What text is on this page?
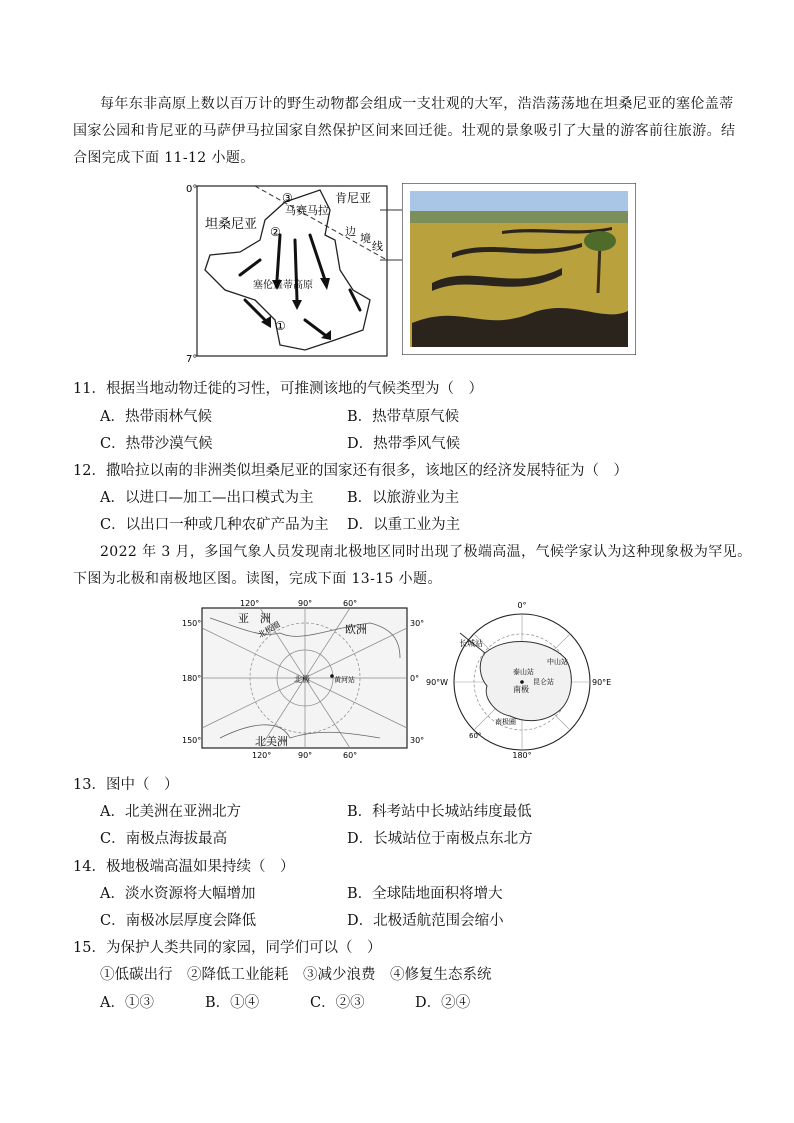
每年东非高原上数以百万计的野生动物都会组成一支壮观的大军，浩浩荡荡地在坦桑尼亚的塞伦盖蒂
国家公园和肯尼亚的马萨伊马拉国家自然保护区间来回迁徙。壮观的景象吸引了大量的游客前往旅游。结
合图完成下面 11-12 小题。
0°
7°
肯尼亚
坦桑尼亚
马赛马拉
塞伦盖蒂高原
边
境
线
③
②
①
11．根据当地动物迁徙的习性，可推测该地的气候类型为（　）
A．热带雨林气候	B．热带草原气候
C．热带沙漠气候	D．热带季风气候
12．撒哈拉以南的非洲类似坦桑尼亚的国家还有很多，该地区的经济发展特征为（　）
A．以进口—加工—出口模式为主 B．以旅游业为主
C．以出口一种或几种农矿产品为主 D．以重工业为主
2022 年 3 月，多国气象人员发现南北极地区同时出现了极端高温，气候学家认为这种现象极为罕见。
下图为北极和南极地区图。读图，完成下面 13-15 小题。
120°	90°	60°
150°
180°
150°
30°
0°
30°
120°	90°	60°
亚　洲
欧洲
北美洲
北极圈
北极	黄河站
0°
90°W	90°E
180°
60°
长城站
中山站
泰山站
昆仑站
南极
南极圈
13．图中（　）
A．北美洲在亚洲北方	B．科考站中长城站纬度最低
C．南极点海拔最高	D．长城站位于南极点东北方
14．极地极端高温如果持续（　）
A．淡水资源将大幅增加	B．全球陆地面积将增大
C．南极冰层厚度会降低	D．北极适航范围会缩小
15．为保护人类共同的家园，同学们可以（　）
①低碳出行　②降低工业能耗　③减少浪费　④修复生态系统
A．①③	B．①④	C．②③	D．②④
